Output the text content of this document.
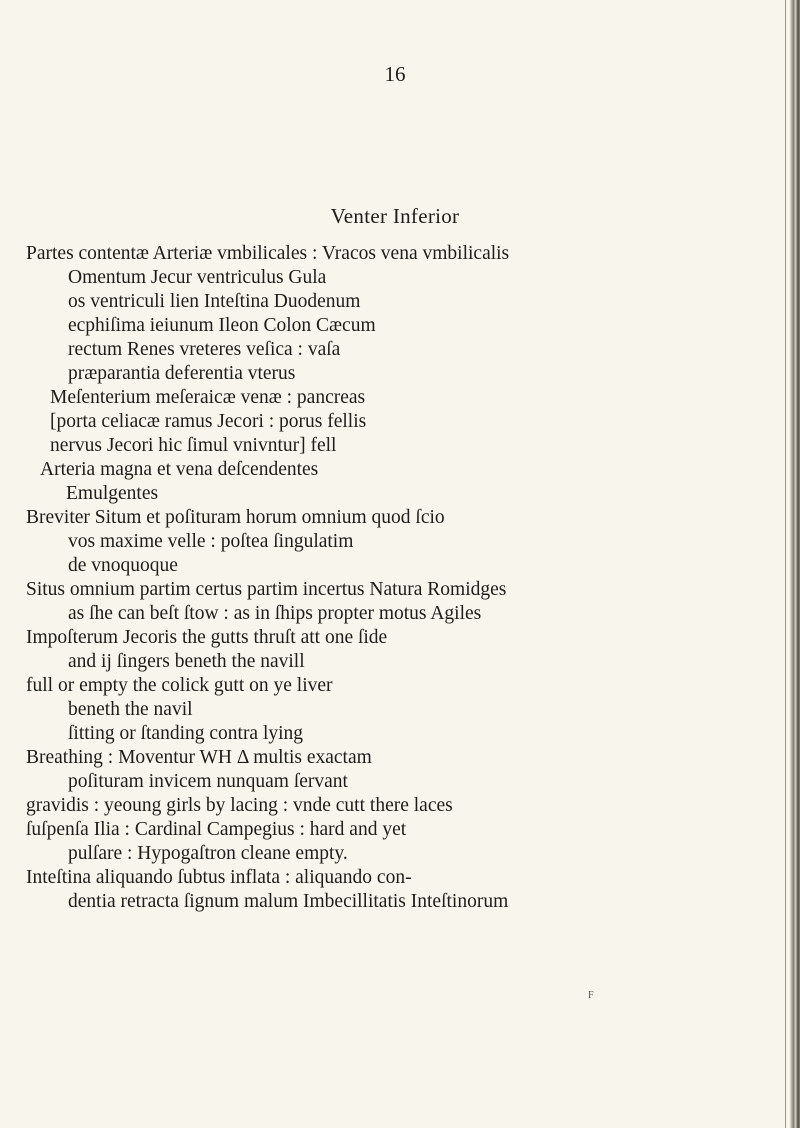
16
Venter Inferior
Partes contentæ Arteriæ vmbilicales : Vracos vena vmbilicalis
Omentum Jecur ventriculus Gula
os ventriculi lien Inteſtina Duodenum
ecphiſima ieiunum Ileon Colon Cæcum
rectum Renes vreteres veſica : vaſa
præparantia deferentia vterus
Meſenterium meſeraicæ venæ : pancreas
[porta celiacæ ramus Jecori : porus fellis
nervus Jecori hic ſimul vnivntur] fell
Arteria magna et vena deſcendentes
Emulgentes
Breviter Situm et poſituram horum omnium quod ſcio
vos maxime velle : poſtea ſingulatim
de vnoquoque
Situs omnium partim certus partim incertus Natura Romidges
as ſhe can beſt ſtow : as in ſhips propter motus Agiles
Impoſterum Jecoris the gutts thruſt att one ſide
and ij ſingers beneth the navill
full or empty the colick gutt on ye liver
beneth the navil
ſitting or ſtanding contra lying
Breathing : Moventur WH Δ multis exactam
poſituram invicem nunquam ſervant
gravidis : yeoung girls by lacing : vnde cutt there laces
ſuſpenſa Ilia : Cardinal Campegius : hard and yet
pulſare : Hypogaſtron cleane empty.
Inteſtina aliquando ſubtus inflata : aliquando con-
dentia retracta ſignum malum Imbecillitatis Inteſtinorum
F
